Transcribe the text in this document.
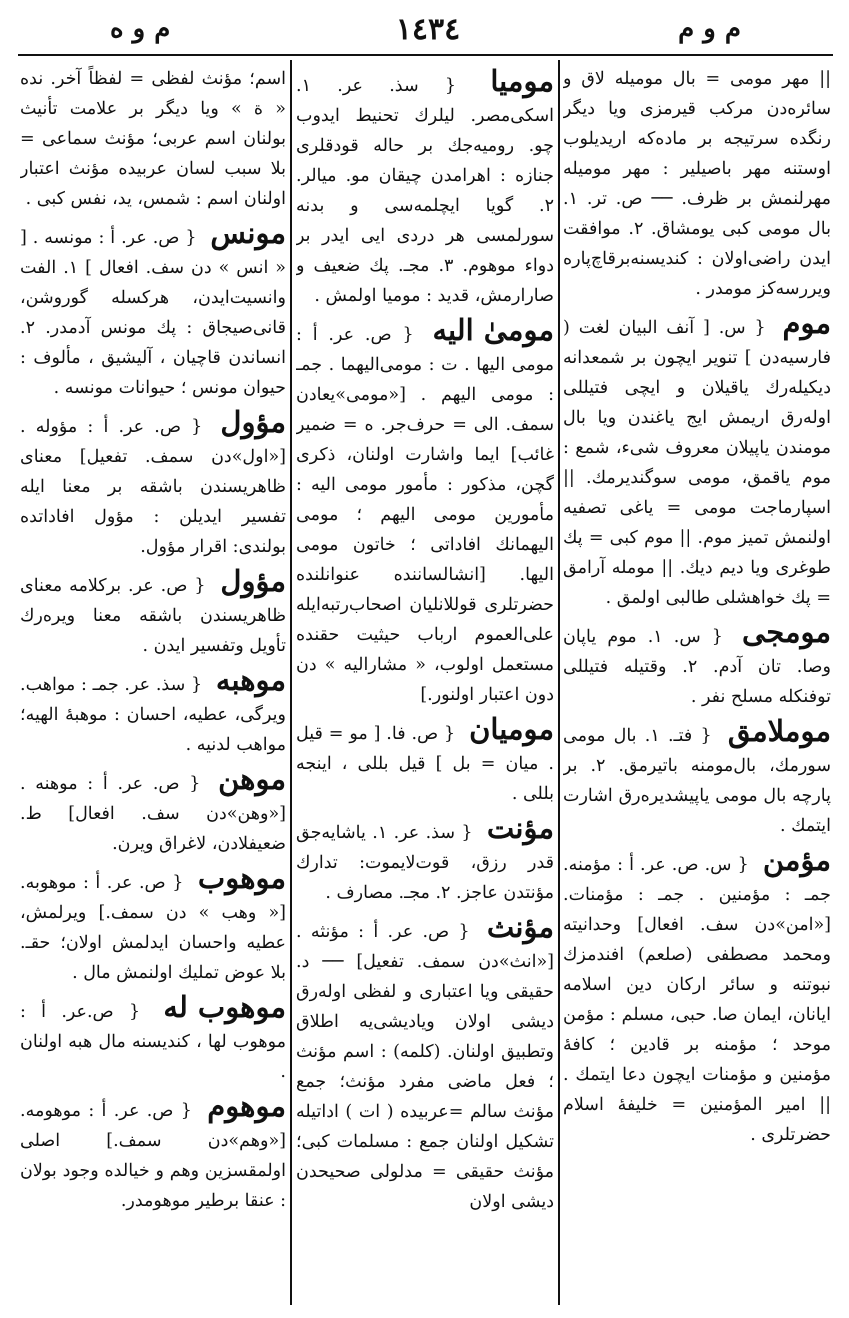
م و ه	١٤٣٤	م و م
|| مهر مومی = بال مومیله لاق و سائره‌دن مرکب قیرمزی ویا دیگر رنگده سرتیجه بر ماده‌که ارید‌یلوب اوستنه مهر باصیلیر : مهر مومیله مهرلنمش بر ظرف. ── ص. تر. ١. بال مومی کبی یومشاق. ٢. موافقت ایدن راضی‌اولان : کندیسنه‌برقاچ‌پاره ویررسه‌کز مومدر .
موم { س. [ آنف البیان لغت ( فارسیه‌دن ] تنویر ایچون بر شمعدانه دیکیله‌رك یاقیلان و ایچی فتیللی اوله‌رق اریمش ایج یاغندن ویا بال مومندن یاپیلان معروف شیء، شمع : موم یاقمق، مومی سوگندیرمك. || اسپارماجت مومی = یاغی تصفیه اولنمش تمیز موم. || موم کبی = پك طوغری ویا دیم دیك. || مومله آرامق = پك خواهشلی طالبی اولمق .
مومجی { س. ١. موم یاپان وصا. تان آدم. ٢. وقتیله فتیللی توفنکله مسلح نفر .
موملامق { فتـ. ١. بال مومی سورمك، بال‌مومنه باتیرمق. ٢. بر پارچه بال مومی یاپیشدیره‌رق اشارت ایتمك .
مؤمن { س. ص. عر. أ : مؤمنه. جمـ : مؤمنین . جمـ : مؤمنات. [«امن»دن سف. افعال] وحدانیته ومحمد مصطفی (صلعم) افندمزك نبوتنه و سائر ارکان دین اسلامه ایانان، ایمان صا. حبی، مسلم : مؤمن موحد ؛ مؤمنه بر قادین ؛ کافهٔ مؤمنین و مؤمنات ایچون دعا ایتمك . || امیر المؤمنین = خلیفهٔ اسلام حضرتلری .
مومیا { سذ. عر. ١. اسکی‌مصر. لیلرك تحنیط ایدوب چو. رومیه‌جك بر حاله قودقلری جنازه : اهرامدن چیقان مو. میالر. ٢. گویا ایچلمه‌سی و بدنه سورلمسی هر دردی ایی ایدر بر دواء موهوم. ٣. مجـ. پك ضعیف و صارارمش، قدید : مومیا اولمش .
مومیٰ الیه { ص. عر. أ : مومی الیها . ت : مومی‌الیهما . جمـ : مومی الیهم . [«مومی»یعادن سمف. الی = حرف‌جر. ه = ضمیر غائب] ایما واشارت اولنان، ذکری گچن، مذکور : مأمور مومی الیه : مأمورین مومی الیهم ؛ مومی الیهمانك افاداتی ؛ خاتون مومی الیها. [انشالساننده عنوانلنده حضرتلری قوللانلیان اصحاب‌رتبه‌ایله علی‌العموم ارباب حیثیت حقنده مستعمل اولوب، « مشارالیه » دن دون اعتبار اولنور.]
مومیان { ص. فا. [ مو = قیل . میان = بل ] قیل بللی ، اینجه بللی .
مؤنت { سذ. عر. ١. یاشایه‌جق قدر رزق، قوت‌لایموت: تدارك مؤنتدن عاجز. ٢. مجـ. مصارف .
مؤنث { ص. عر. أ : مؤنثه . [«انث»دن سمف. تفعیل] ── د. حقیقی ویا اعتباری و لفظی اوله‌رق دیشی اولان ویادیشی‌یه اطلاق وتطبیق اولنان. (کلمه) : اسم مؤنث ؛ فعل ماضی مفرد مؤنث؛ جمع مؤنث سالم =عربیده ( ات ) اداتیله تشکیل اولنان جمع : مسلمات کبی؛ مؤنث حقیقی = مدلولی صحیحدن دیشی اولان
اسم؛ مؤنث لفظی = لفظاً آخر. نده « ة » ویا دیگر بر علامت تأنیث بولنان اسم عربی؛ مؤنث سماعی = بلا سبب لسان عربیده مؤنث اعتبار اولنان اسم : شمس، ید، نفس کبی .
مونس { ص. عر. أ : مونسه . [ « انس » دن سف. افعال ] ١. الفت وانسیت‌ایدن، هرکسله گوروشن، قانی‌صیجاق : پك مونس آدمدر. ٢. انساندن قاچیان ، آلیشیق ، مألوف : حیوان مونس ؛ حیوانات مونسه .
مؤول { ص. عر. أ : مؤوله . [«اول»دن سمف. تفعیل] معنای ظاهریسندن باشقه بر معنا ایله تفسیر ایدیلن : مؤول افاداتده بولندی: اقرار مؤول.
مؤول { ص. عر. برکلامه معنای ظاهریسندن باشقه معنا ویره‌رك تأویل وتفسیر ایدن .
موهبه { سذ. عر. جمـ : مواهب. ویرگی، عطیه، احسان : موهبهٔ الهیه؛ مواهب لدنیه .
موهن { ص. عر. أ : موهنه . [«وهن»دن سف. افعال] ط. ضعیفلادن، لاغراق ویرن.
موهوب { ص. عر. أ : موهوبه. [« وهب » دن سمف.] ویرلمش، عطیه واحسان ایدلمش اولان؛ حقـ. بلا عوض تملیك اولنمش مال .
موهوب له { ص.عر. أ : موهوب لها ، کندیسنه مال هبه اولنان .
موهوم { ص. عر. أ : موهومه. [«وهم»دن سمف.] اصلی اولمقسزین وهم و خیالده وجود بولان : عنقا برطیر موهومدر.
